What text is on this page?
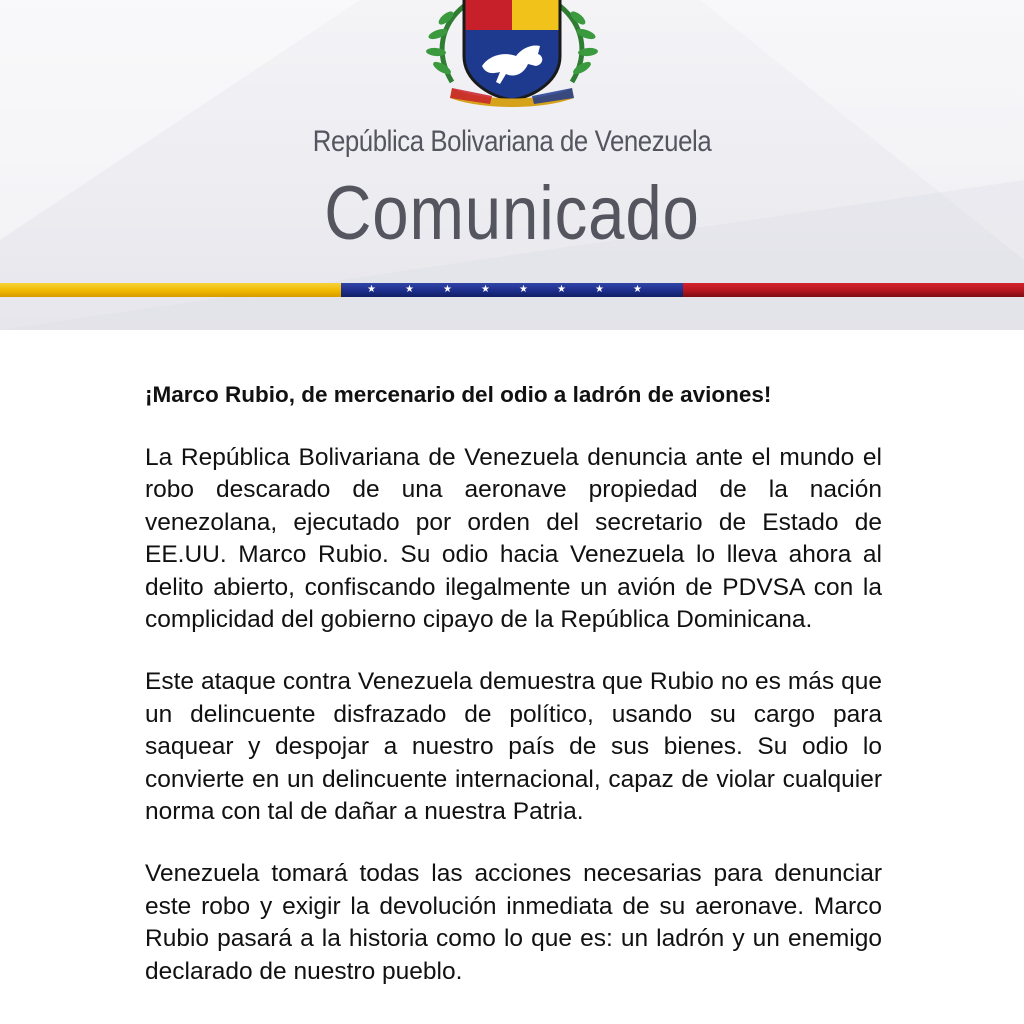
República Bolivariana de Venezuela
Comunicado
★	★	★	★	★	★	★	★
¡Marco Rubio, de mercenario del odio a ladrón de aviones!

La República Bolivariana de Venezuela denuncia ante el mundo el robo descarado de una aeronave propiedad de la nación venezolana, ejecutado por orden del secretario de Estado de EE.UU. Marco Rubio. Su odio hacia Venezuela lo lleva ahora al delito abierto, confiscando ilegalmente un avión de PDVSA con la complicidad del gobierno cipayo de la República Dominicana.

Este ataque contra Venezuela demuestra que Rubio no es más que un delincuente disfrazado de político, usando su cargo para saquear y despojar a nuestro país de sus bienes. Su odio lo convierte en un delincuente internacional, capaz de violar cualquier norma con tal de dañar a nuestra Patria.

Venezuela tomará todas las acciones necesarias para denunciar este robo y exigir la devolución inmediata de su aeronave. Marco Rubio pasará a la historia como lo que es: un ladrón y un enemigo declarado de nuestro pueblo.
